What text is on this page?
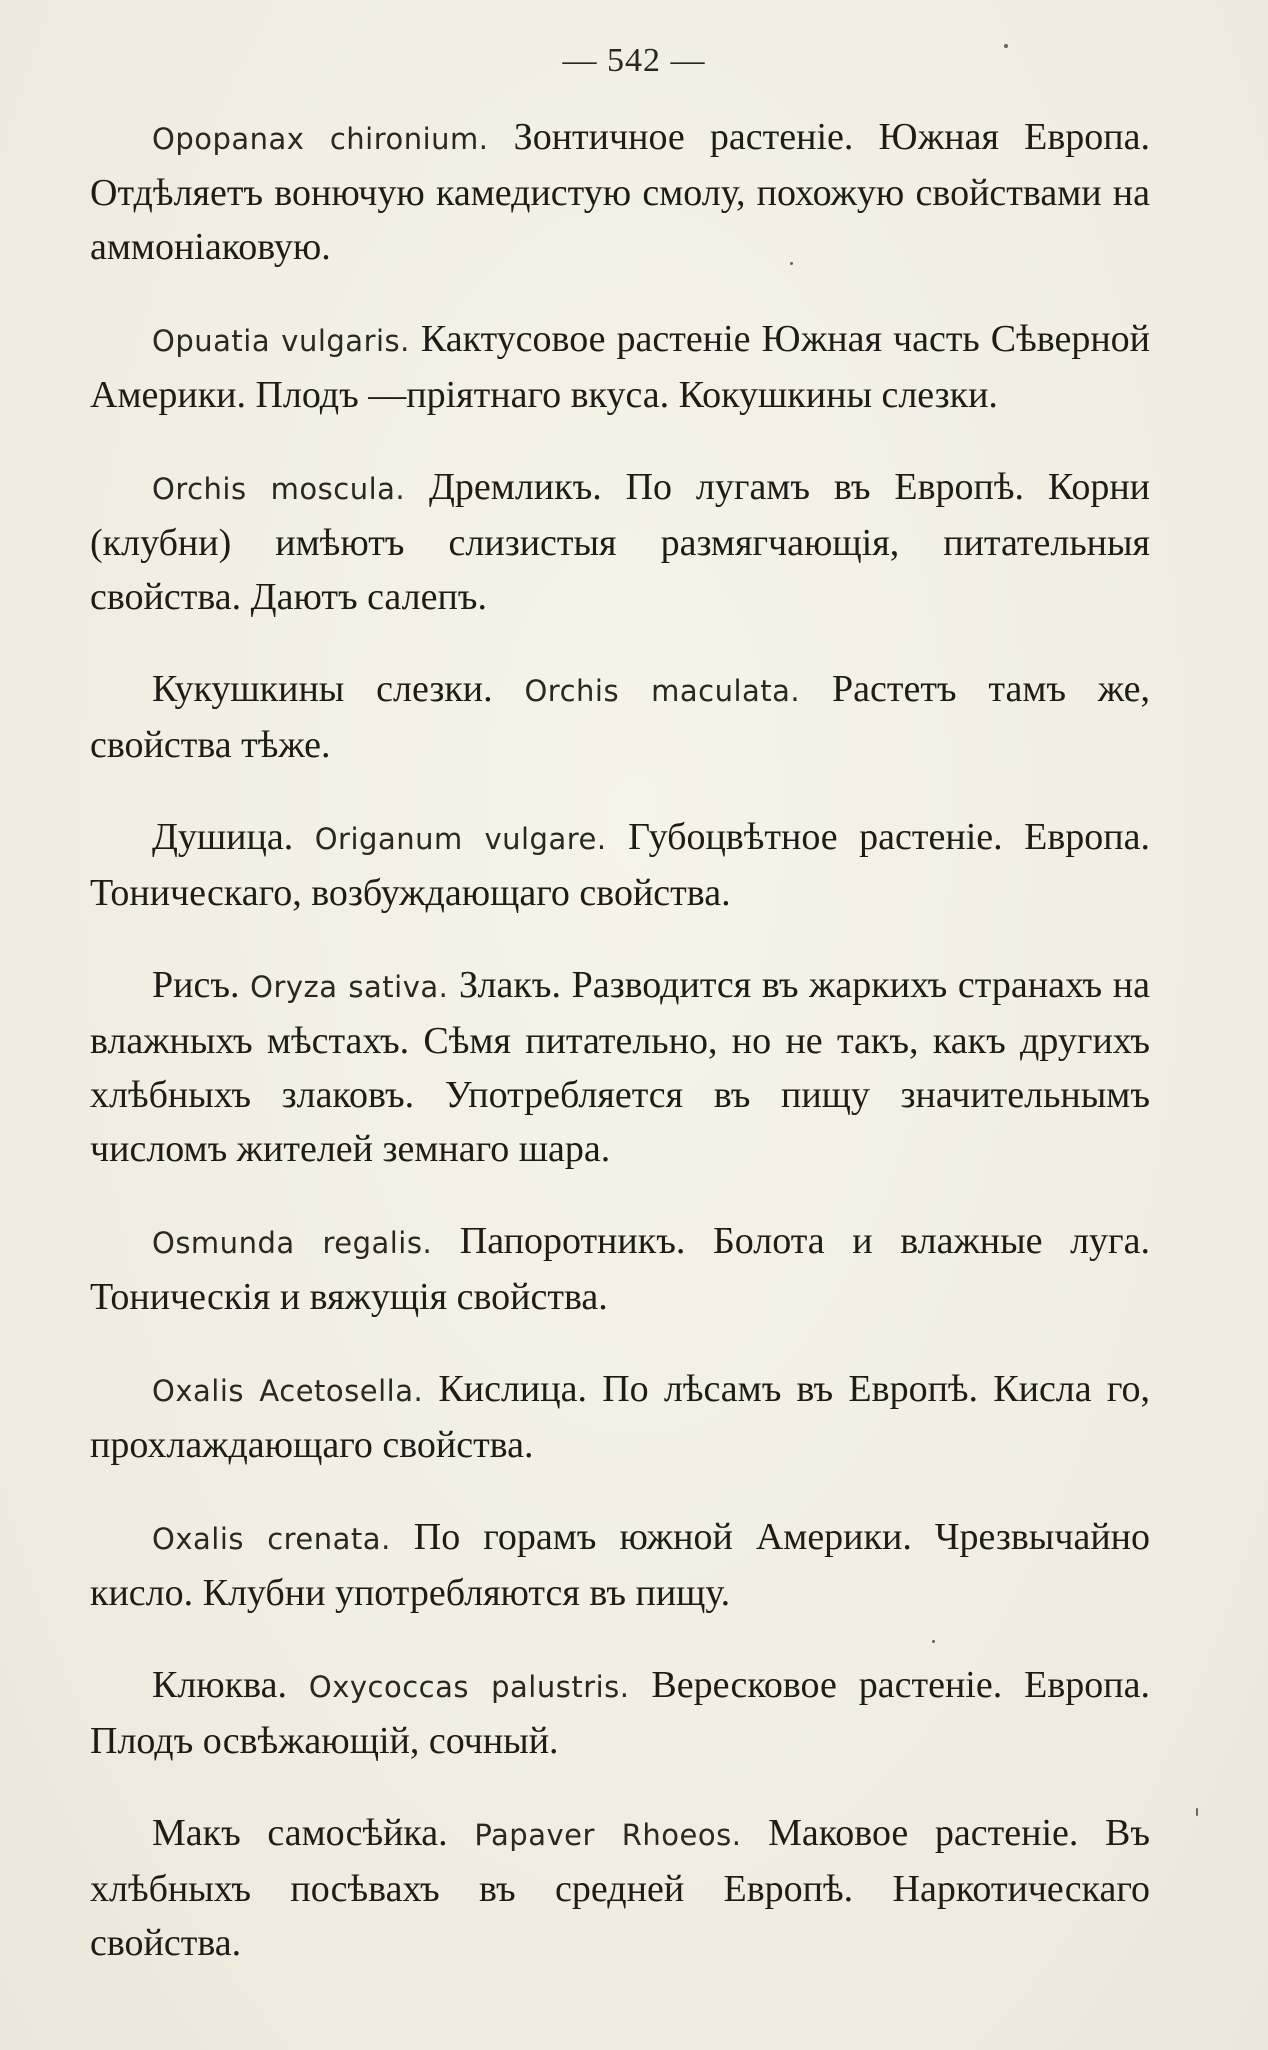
— 542 —

Opopanax chironium. Зонтичное растеніе. Южная Европа. Отдѣляетъ вонючую камедистую смолу, похожую свойствами на аммоніаковую.

Opuatia vulgaris. Кактусовое растеніе Южная часть Сѣверной Америки. Плодъ —пріятнаго вкуса. Кокушкины слезки.

Orchis moscula. Дремликъ. По лугамъ въ Европѣ. Корни (клубни) имѣютъ слизистыя размягчающія, питательныя свойства. Даютъ салепъ.

Кукушкины слезки. Orchis maculata. Растетъ тамъ же, свойства тѣже.

Душица. Origanum vulgare. Губоцвѣтное растеніе. Европа. Тоническаго, возбуждающаго свойства.

Рисъ. Oryza sativa. Злакъ. Разводится въ жаркихъ странахъ на влажныхъ мѣстахъ. Сѣмя питательно, но не такъ, какъ другихъ хлѣбныхъ злаковъ. Употребляется въ пищу значительнымъ числомъ жителей земнаго шара.

Osmunda regalis. Папоротникъ. Болота и влажные луга. Тоническія и вяжущія свойства.

Oxalis Acetosella. Кислица. По лѣсамъ въ Европѣ. Кисла го, прохлаждающаго свойства.

Oxalis crenata. По горамъ южной Америки. Чрезвычайно кисло. Клубни употребляются въ пищу.

Клюква. Oxycoccas palustris. Вересковое растеніе. Европа. Плодъ освѣжающій, сочный.

Макъ самосѣйка. Papaver Rhoeos. Маковое растеніе. Въ хлѣбныхъ посѣвахъ въ средней Европѣ. Наркотическаго свойства.
